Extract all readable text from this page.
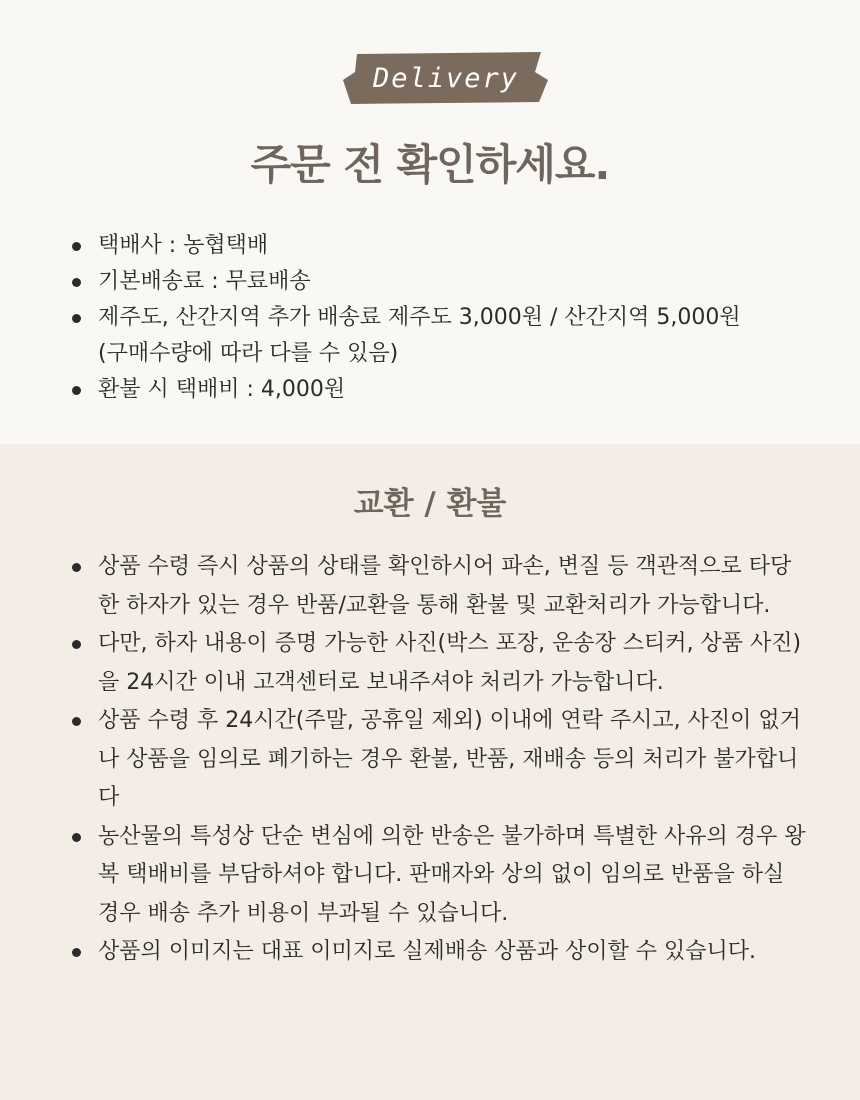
Delivery
주문 전 확인하세요.
택배사 : 농협택배
기본배송료 : 무료배송
제주도, 산간지역 추가 배송료 제주도 3,000원 / 산간지역 5,000원
(구매수량에 따라 다를 수 있음)
환불 시 택배비 : 4,000원
교환 / 환불
상품 수령 즉시 상품의 상태를 확인하시어 파손, 변질 등 객관적으로 타당한 하자가 있는 경우 반품/교환을 통해 환불 및 교환처리가 가능합니다.
다만, 하자 내용이 증명 가능한 사진(박스 포장, 운송장 스티커, 상품 사진)을 24시간 이내 고객센터로 보내주셔야 처리가 가능합니다.
상품 수령 후 24시간(주말, 공휴일 제외) 이내에 연락 주시고, 사진이 없거나 상품을 임의로 폐기하는 경우 환불, 반품, 재배송 등의 처리가 불가합니다
농산물의 특성상 단순 변심에 의한 반송은 불가하며 특별한 사유의 경우 왕복 택배비를 부담하셔야 합니다. 판매자와 상의 없이 임의로 반품을 하실 경우 배송 추가 비용이 부과될 수 있습니다.
상품의 이미지는 대표 이미지로 실제배송 상품과 상이할 수 있습니다.
